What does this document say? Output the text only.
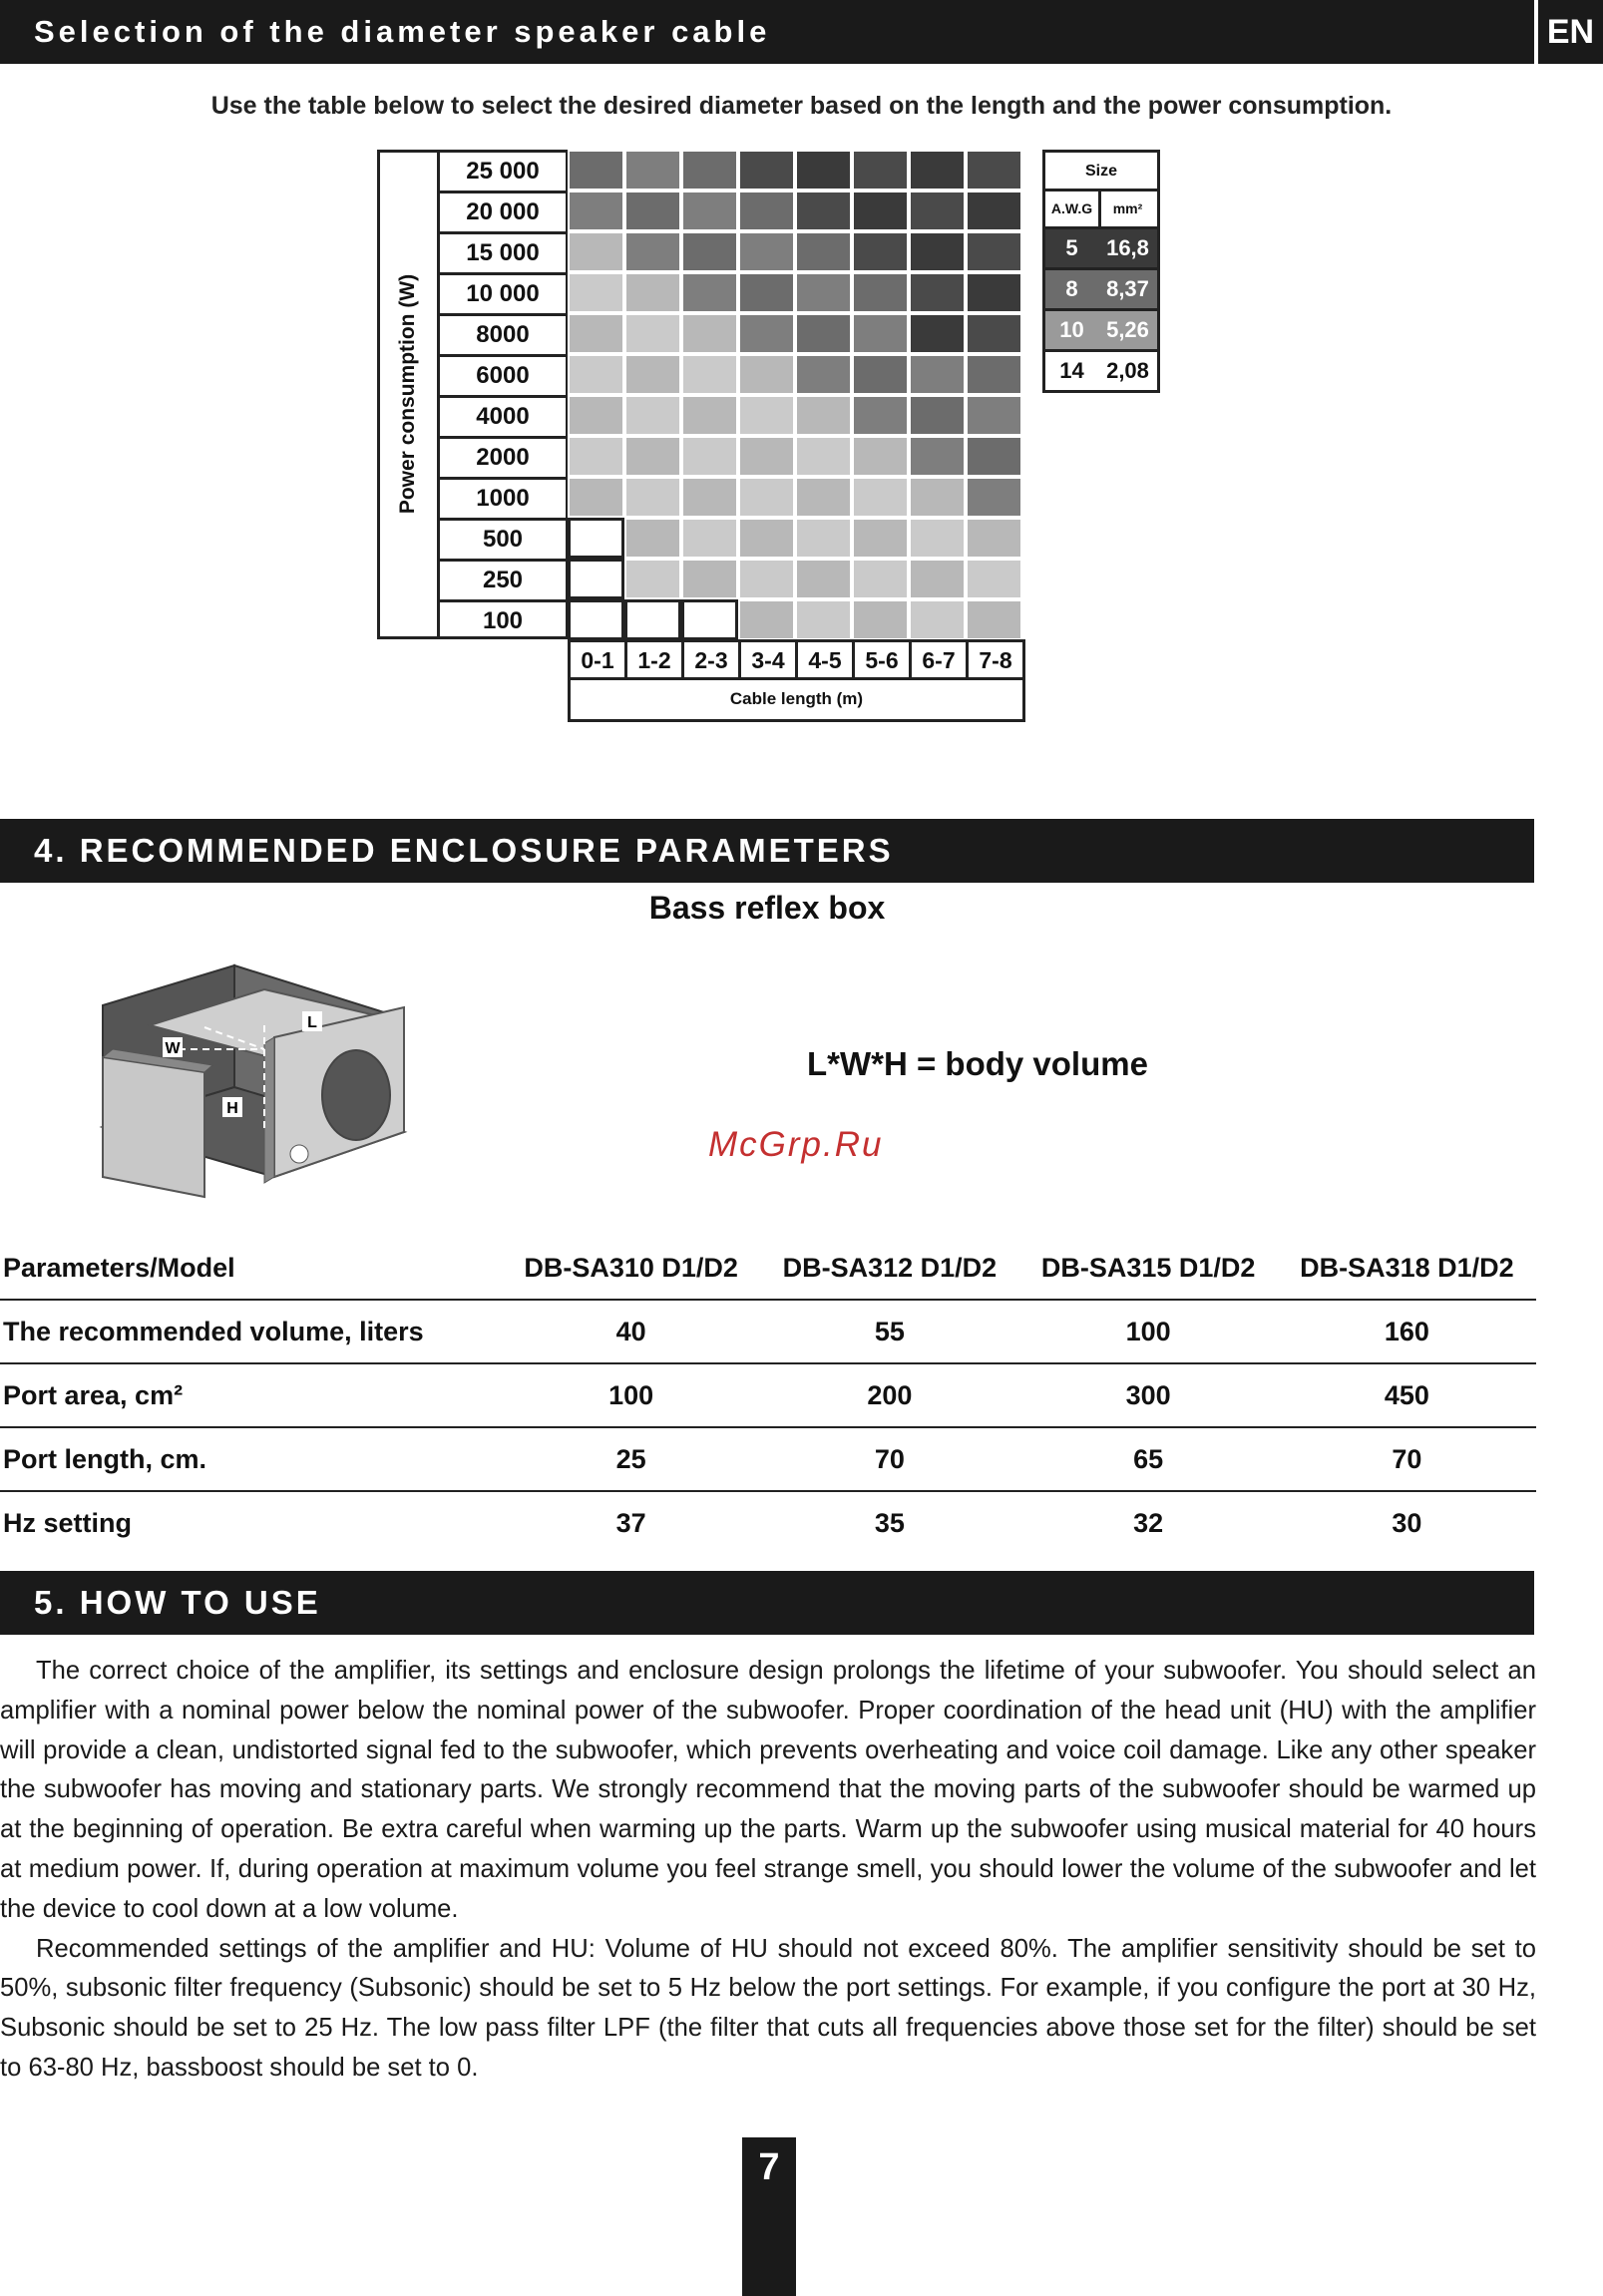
Selection of the diameter speaker cable	EN
Use the table below to select the desired diameter based on the length and the power consumption.
Power consumption (W)
25 000
20 000
15 000
10 000
8000
6000
4000
2000
1000
500
250
100
0-1	1-2	2-3	3-4	4-5	5-6	6-7	7-8
Cable length (m)
Size
A.W.G	mm²
5	16,8
8	8,37
10	5,26
14	2,08
4. RECOMMENDED ENCLOSURE PARAMETERS
Bass reflex box
W
L
H
L*W*H = body volume
McGrp.Ru
Parameters/Model	DB-SA310 D1/D2	DB-SA312 D1/D2	DB-SA315 D1/D2	DB-SA318 D1/D2
The recommended volume, liters	40	55	100	160
Port area, cm²	100	200	300	450
Port length, cm.	25	70	65	70
Hz setting	37	35	32	30
5. HOW TO USE

The correct choice of the amplifier, its settings and enclosure design prolongs the lifetime of your subwoofer. You should select an amplifier with a nominal power below the nominal power of the subwoofer. Proper coordination of the head unit (HU) with the amplifier will provide a clean, undistorted signal fed to the subwoofer, which prevents overheating and voice coil damage. Like any other speaker the subwoofer has moving and stationary parts. We strongly recommend that the moving parts of the subwoofer should be warmed up at the beginning of operation. Be extra careful when warming up the parts. Warm up the subwoofer using musical material for 40 hours at medium power. If, during operation at maximum volume you feel strange smell, you should lower the volume of the subwoofer and let the device to cool down at a low volume.

Recommended settings of the amplifier and HU: Volume of HU should not exceed 80%. The amplifier sensitivity should be set to 50%, subsonic filter frequency (Subsonic) should be set to 5 Hz below the port settings. For example, if you configure the port at 30 Hz, Subsonic should be set to 25 Hz. The low pass filter LPF (the filter that cuts all frequencies above those set for the filter) should be set to 63-80 Hz, bassboost should be set to 0.

7
